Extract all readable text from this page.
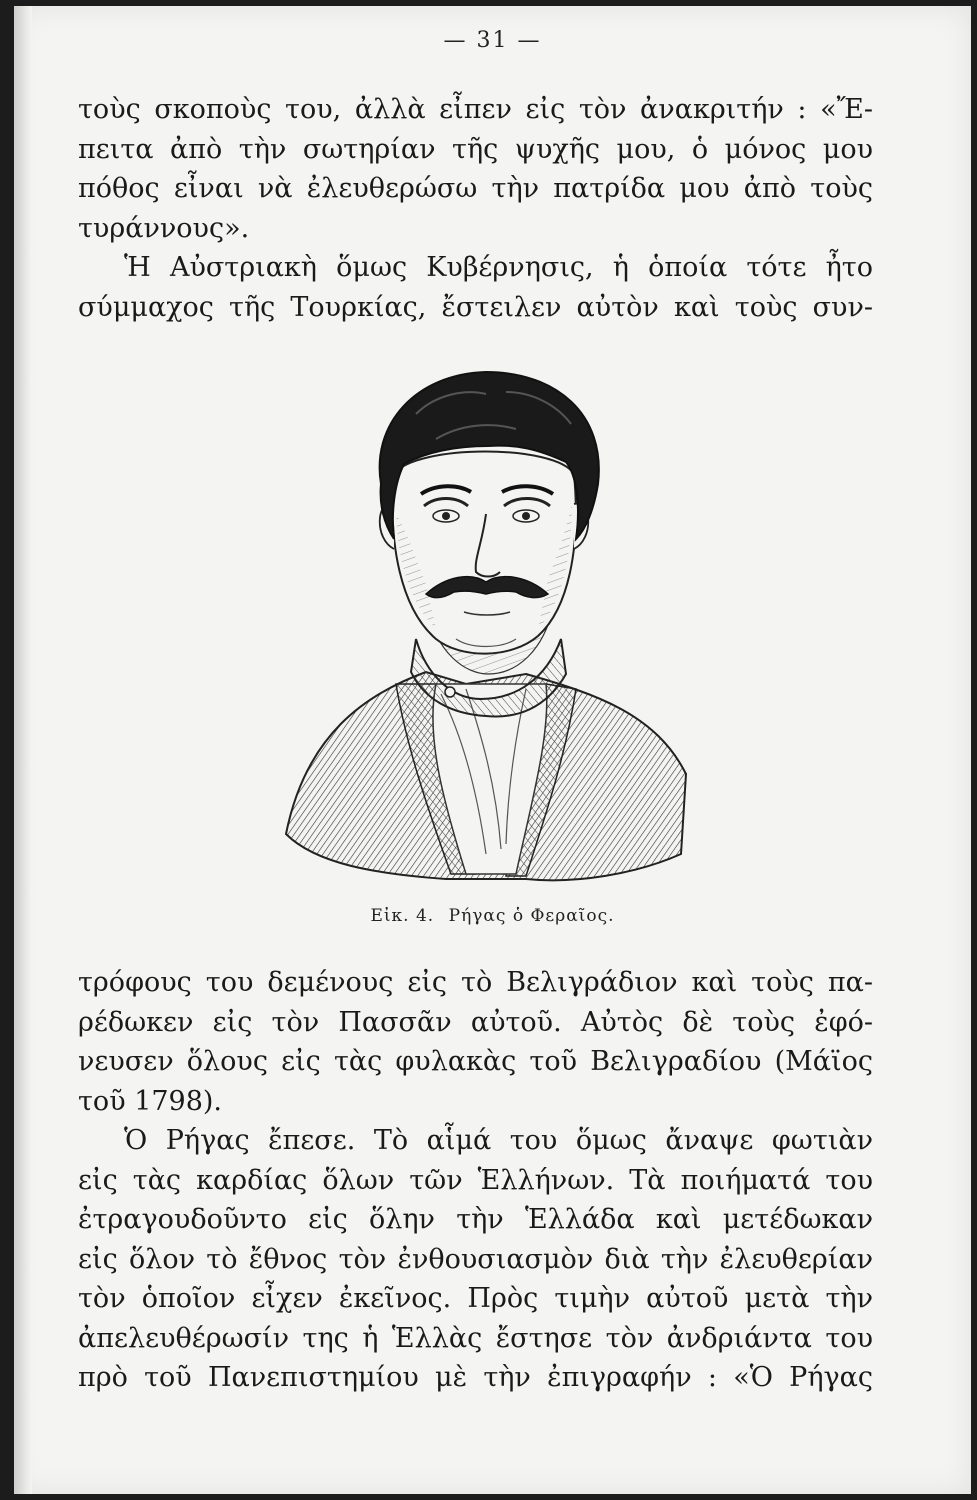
— 31 —
τοὺς σκοποὺς του, ἀλλὰ εἶπεν εἰς τὸν ἀνακριτήν : «Ἔ-
πειτα ἀπὸ τὴν σωτηρίαν τῆς ψυχῆς μου, ὁ μόνος μου
πόθος εἶναι νὰ ἐλευθερώσω τὴν πατρίδα μου ἀπὸ τοὺς
τυράννους».
Ἡ Αὐστριακὴ ὅμως Κυβέρνησις, ἡ ὁποία τότε ἦτο
σύμμαχος τῆς Τουρκίας, ἔστειλεν αὐτὸν καὶ τοὺς συν-
Εἰκ. 4. Ρήγας ὁ Φεραῖος.
τρόφους του δεμένους εἰς τὸ Βελιγράδιον καὶ τοὺς πα-
ρέδωκεν εἰς τὸν Πασσᾶν αὐτοῦ. Αὐτὸς δὲ τοὺς ἐφό-
νευσεν ὅλους εἰς τὰς φυλακὰς τοῦ Βελιγραδίου (Μάϊος
τοῦ 1798).
Ὁ Ρήγας ἔπεσε. Τὸ αἷμά του ὅμως ἄναψε φωτιὰν
εἰς τὰς καρδίας ὅλων τῶν Ἑλλήνων. Τὰ ποιήματά του
ἐτραγουδοῦντο εἰς ὅλην τὴν Ἑλλάδα καὶ μετέδωκαν
εἰς ὅλον τὸ ἔθνος τὸν ἐνθουσιασμὸν διὰ τὴν ἐλευθερίαν
τὸν ὁποῖον εἶχεν ἐκεῖνος. Πρὸς τιμὴν αὐτοῦ μετὰ τὴν
ἀπελευθέρωσίν της ἡ Ἑλλὰς ἔστησε τὸν ἀνδριάντα του
πρὸ τοῦ Πανεπιστημίου μὲ τὴν ἐπιγραφήν : «Ὁ Ρήγας
